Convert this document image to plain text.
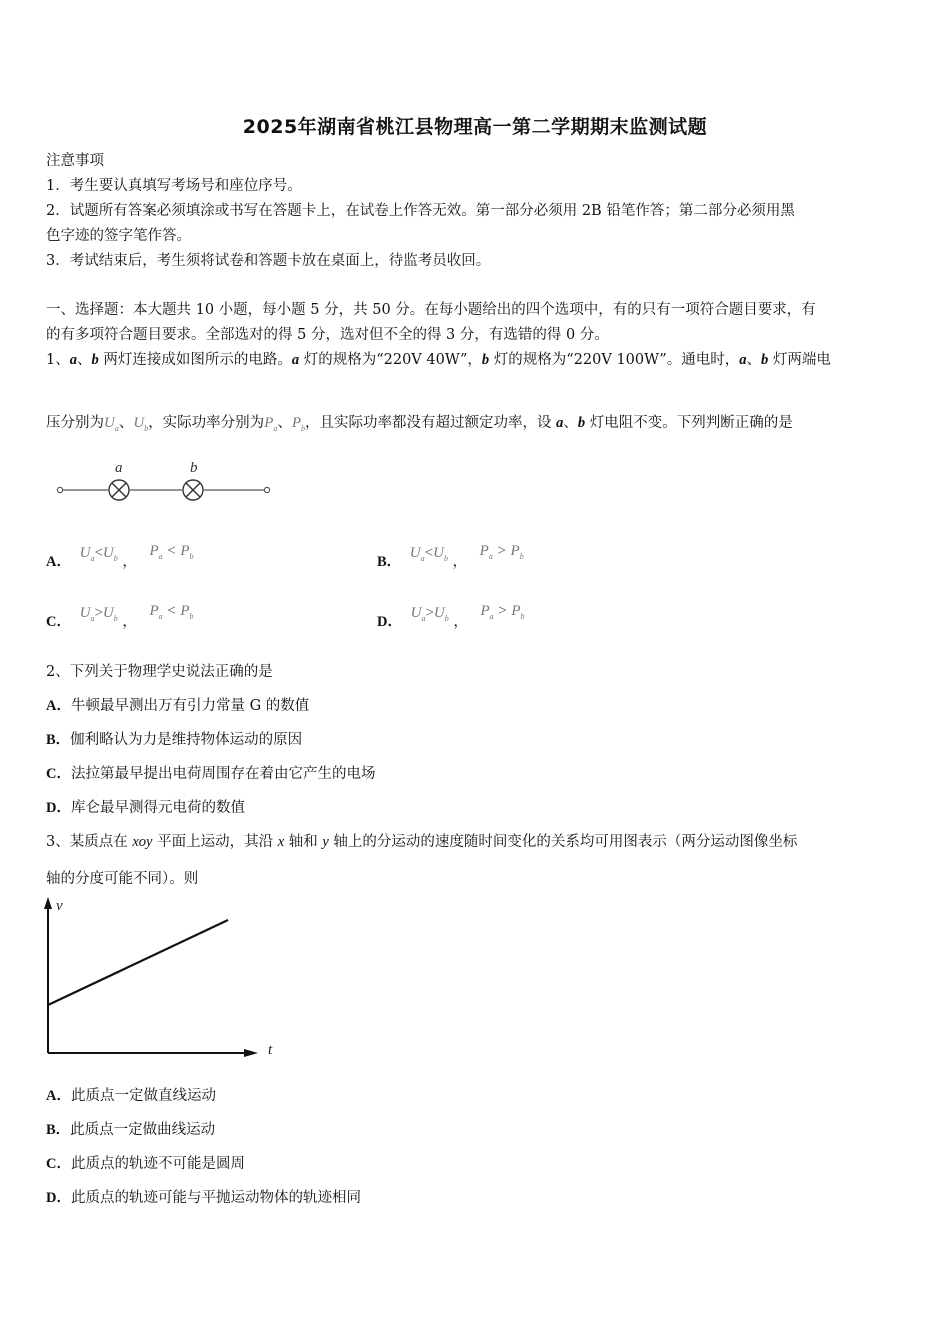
2025年湖南省桃江县物理高一第二学期期末监测试题
注意事项
1．考生要认真填写考场号和座位序号。
2．试题所有答案必须填涂或书写在答题卡上，在试卷上作答无效。第一部分必须用 2B 铅笔作答；第二部分必须用黑
色字迹的签字笔作答。
3．考试结束后，考生须将试卷和答题卡放在桌面上，待监考员收回。
一、选择题：本大题共 10 小题，每小题 5 分，共 50 分。在每小题给出的四个选项中，有的只有一项符合题目要求，有
的有多项符合题目要求。全部选对的得 5 分，选对但不全的得 3 分，有选错的得 0 分。
1、a、b 两灯连接成如图所示的电路。a 灯的规格为“220V 40W”，b 灯的规格为“220V 100W”。通电时，a、b 灯两端电
压分别为$U_a$、$U_b$，实际功率分别为$P_a$、$P_b$，且实际功率都没有超过额定功率，设 a、b 灯电阻不变。下列判断正确的是
a	b
A． $U_a<U_b$ ， $P_a < P_b$	B． $U_a<U_b$ ， $P_a > P_b$
C． $U_a>U_b$ ， $P_a < P_b$	D． $U_a>U_b$ ， $P_a > P_b$
2、下列关于物理学史说法正确的是
A．牛顿最早测出万有引力常量 G 的数值
B．伽利略认为力是维持物体运动的原因
C．法拉第最早提出电荷周围存在着由它产生的电场
D．库仑最早测得元电荷的数值
3、某质点在 xoy 平面上运动，其沿 x 轴和 y 轴上的分运动的速度随时间变化的关系均可用图表示（两分运动图像坐标
轴的分度可能不同）。则
v
t
A．此质点一定做直线运动
B．此质点一定做曲线运动
C．此质点的轨迹不可能是圆周
D．此质点的轨迹可能与平抛运动物体的轨迹相同
